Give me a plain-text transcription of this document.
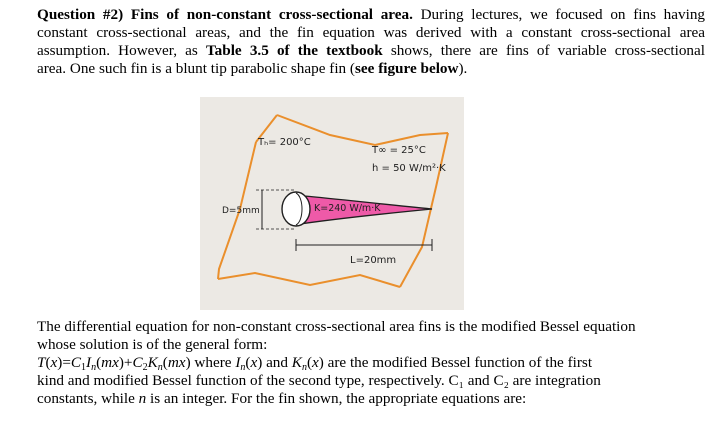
Question #2) Fins of non-constant cross-sectional area. During lectures, we focused on fins having
constant cross-sectional areas, and the fin equation was derived with a constant cross-sectional area
assumption. However, as Table 3.5 of the textbook shows, there are fins of variable cross-sectional
area. One such fin is a blunt tip parabolic shape fin (see figure below).
Tₕ= 200°C
T∞ = 25°C
h = 50 W/m²·K
D=5mm	K=240 W/m·K
L=20mm
The differential equation for non-constant cross-sectional area fins is the modified Bessel equation
whose solution is of the general form:
$T(x)=C_1In(mx)+C_2Kn(mx)$ where In(x) and Kn(x) are the modified Bessel function of the first
kind and modified Bessel function of the second type, respectively. C₁ and C₂ are integration
constants, while n is an integer. For the fin shown, the appropriate equations are:
